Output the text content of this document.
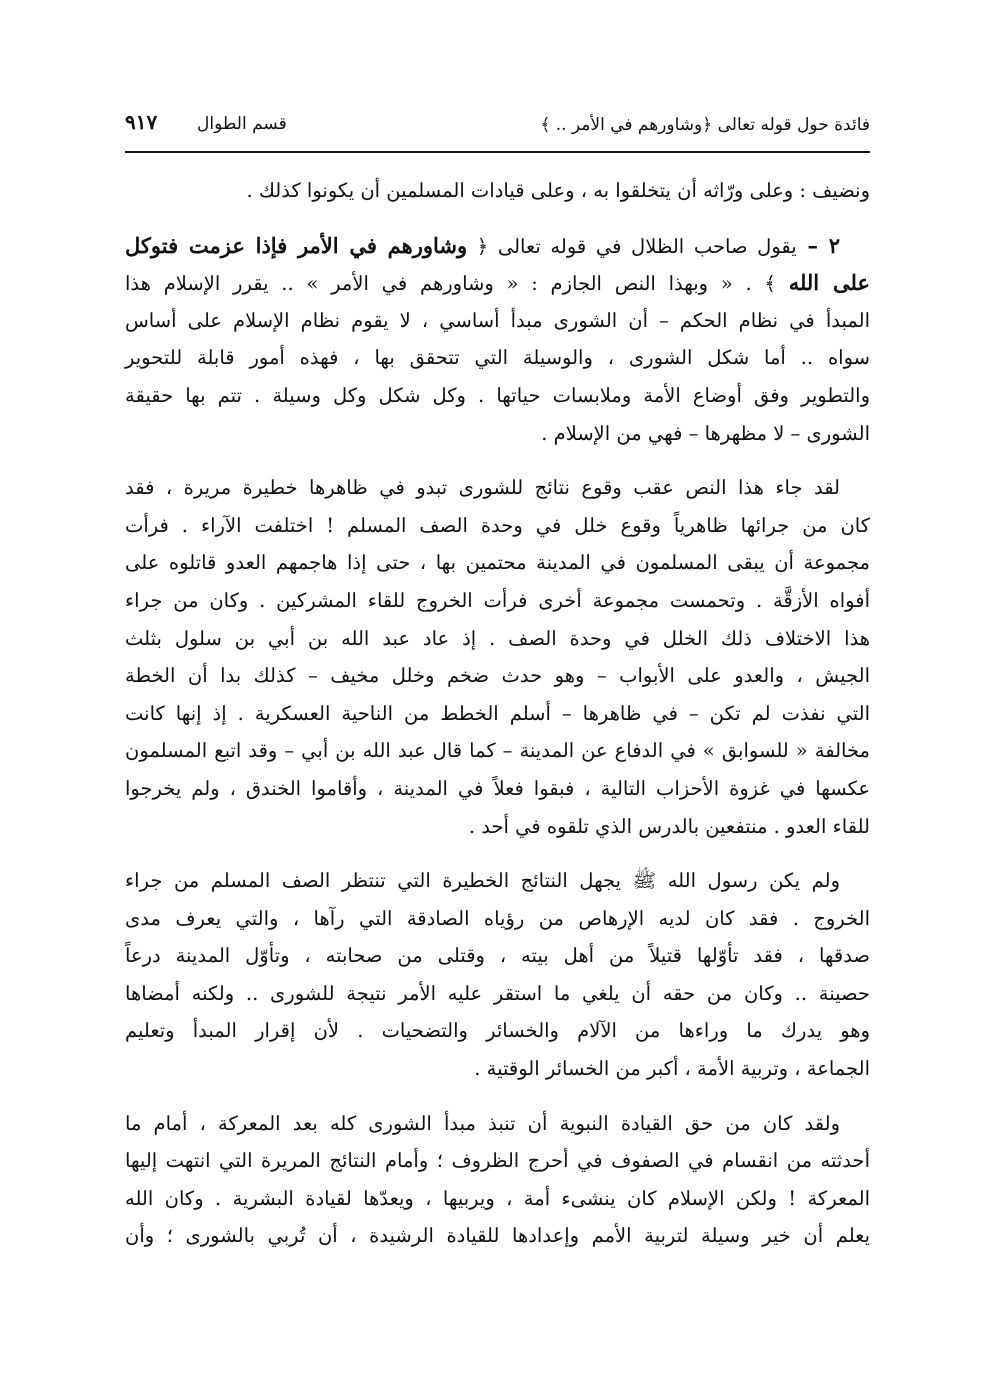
فائدة حول قوله تعالى ﴿وشاورهم في الأمر .. ﴾
قسم الطوال
٩١٧
ونضيف : وعلى ورّاثه أن يتخلقوا به ، وعلى قيادات المسلمين أن يكونوا كذلك .
٢ – يقول صاحب الظلال في قوله تعالى ﴿ وشاورهم في الأمر فإذا عزمت فتوكل
على الله ﴾ . « وبهذا النص الجازم : « وشاورهم في الأمر » .. يقرر الإسلام هذا
المبدأ في نظام الحكم – أن الشورى مبدأ أساسي ، لا يقوم نظام الإسلام على أساس
سواه .. أما شكل الشورى ، والوسيلة التي تتحقق بها ، فهذه أمور قابلة للتحوير
والتطوير وفق أوضاع الأمة وملابسات حياتها . وكل شكل وكل وسيلة . تتم بها حقيقة
الشورى – لا مظهرها – فهي من الإسلام .
لقد جاء هذا النص عقب وقوع نتائج للشورى تبدو في ظاهرها خطيرة مريرة ، فقد
كان من جرائها ظاهرياً وقوع خلل في وحدة الصف المسلم ! اختلفت الآراء . فرأت
مجموعة أن يبقى المسلمون في المدينة محتمين بها ، حتى إذا هاجمهم العدو قاتلوه على
أفواه الأزقَّة . وتحمست مجموعة أخرى فرأت الخروج للقاء المشركين . وكان من جراء
هذا الاختلاف ذلك الخلل في وحدة الصف . إذ عاد عبد الله بن أبي بن سلول بثلث
الجيش ، والعدو على الأبواب – وهو حدث ضخم وخلل مخيف – كذلك بدا أن الخطة
التي نفذت لم تكن – في ظاهرها – أسلم الخطط من الناحية العسكرية . إذ إنها كانت
مخالفة « للسوابق » في الدفاع عن المدينة – كما قال عبد الله بن أبي – وقد اتبع المسلمون
عكسها في غزوة الأحزاب التالية ، فبقوا فعلاً في المدينة ، وأقاموا الخندق ، ولم يخرجوا
للقاء العدو . منتفعين بالدرس الذي تلقوه في أحد .
ولم يكن رسول الله ﷺ يجهل النتائج الخطيرة التي تنتظر الصف المسلم من جراء
الخروج . فقد كان لديه الإرهاص من رؤياه الصادقة التي رآها ، والتي يعرف مدى
صدقها ، فقد تأوّلها قتيلاً من أهل بيته ، وقتلى من صحابته ، وتأوّل المدينة درعاً
حصينة .. وكان من حقه أن يلغي ما استقر عليه الأمر نتيجة للشورى .. ولكنه أمضاها
وهو يدرك ما وراءها من الآلام والخسائر والتضحيات . لأن إقرار المبدأ وتعليم
الجماعة ، وتربية الأمة ، أكبر من الخسائر الوقتية .
ولقد كان من حق القيادة النبوية أن تنبذ مبدأ الشورى كله بعد المعركة ، أمام ما
أحدثته من انقسام في الصفوف في أحرج الظروف ؛ وأمام النتائج المريرة التي انتهت إليها
المعركة ! ولكن الإسلام كان ينشىء أمة ، ويربيها ، ويعدّها لقيادة البشرية . وكان الله
يعلم أن خير وسيلة لتربية الأمم وإعدادها للقيادة الرشيدة ، أن تُربي بالشورى ؛ وأن
